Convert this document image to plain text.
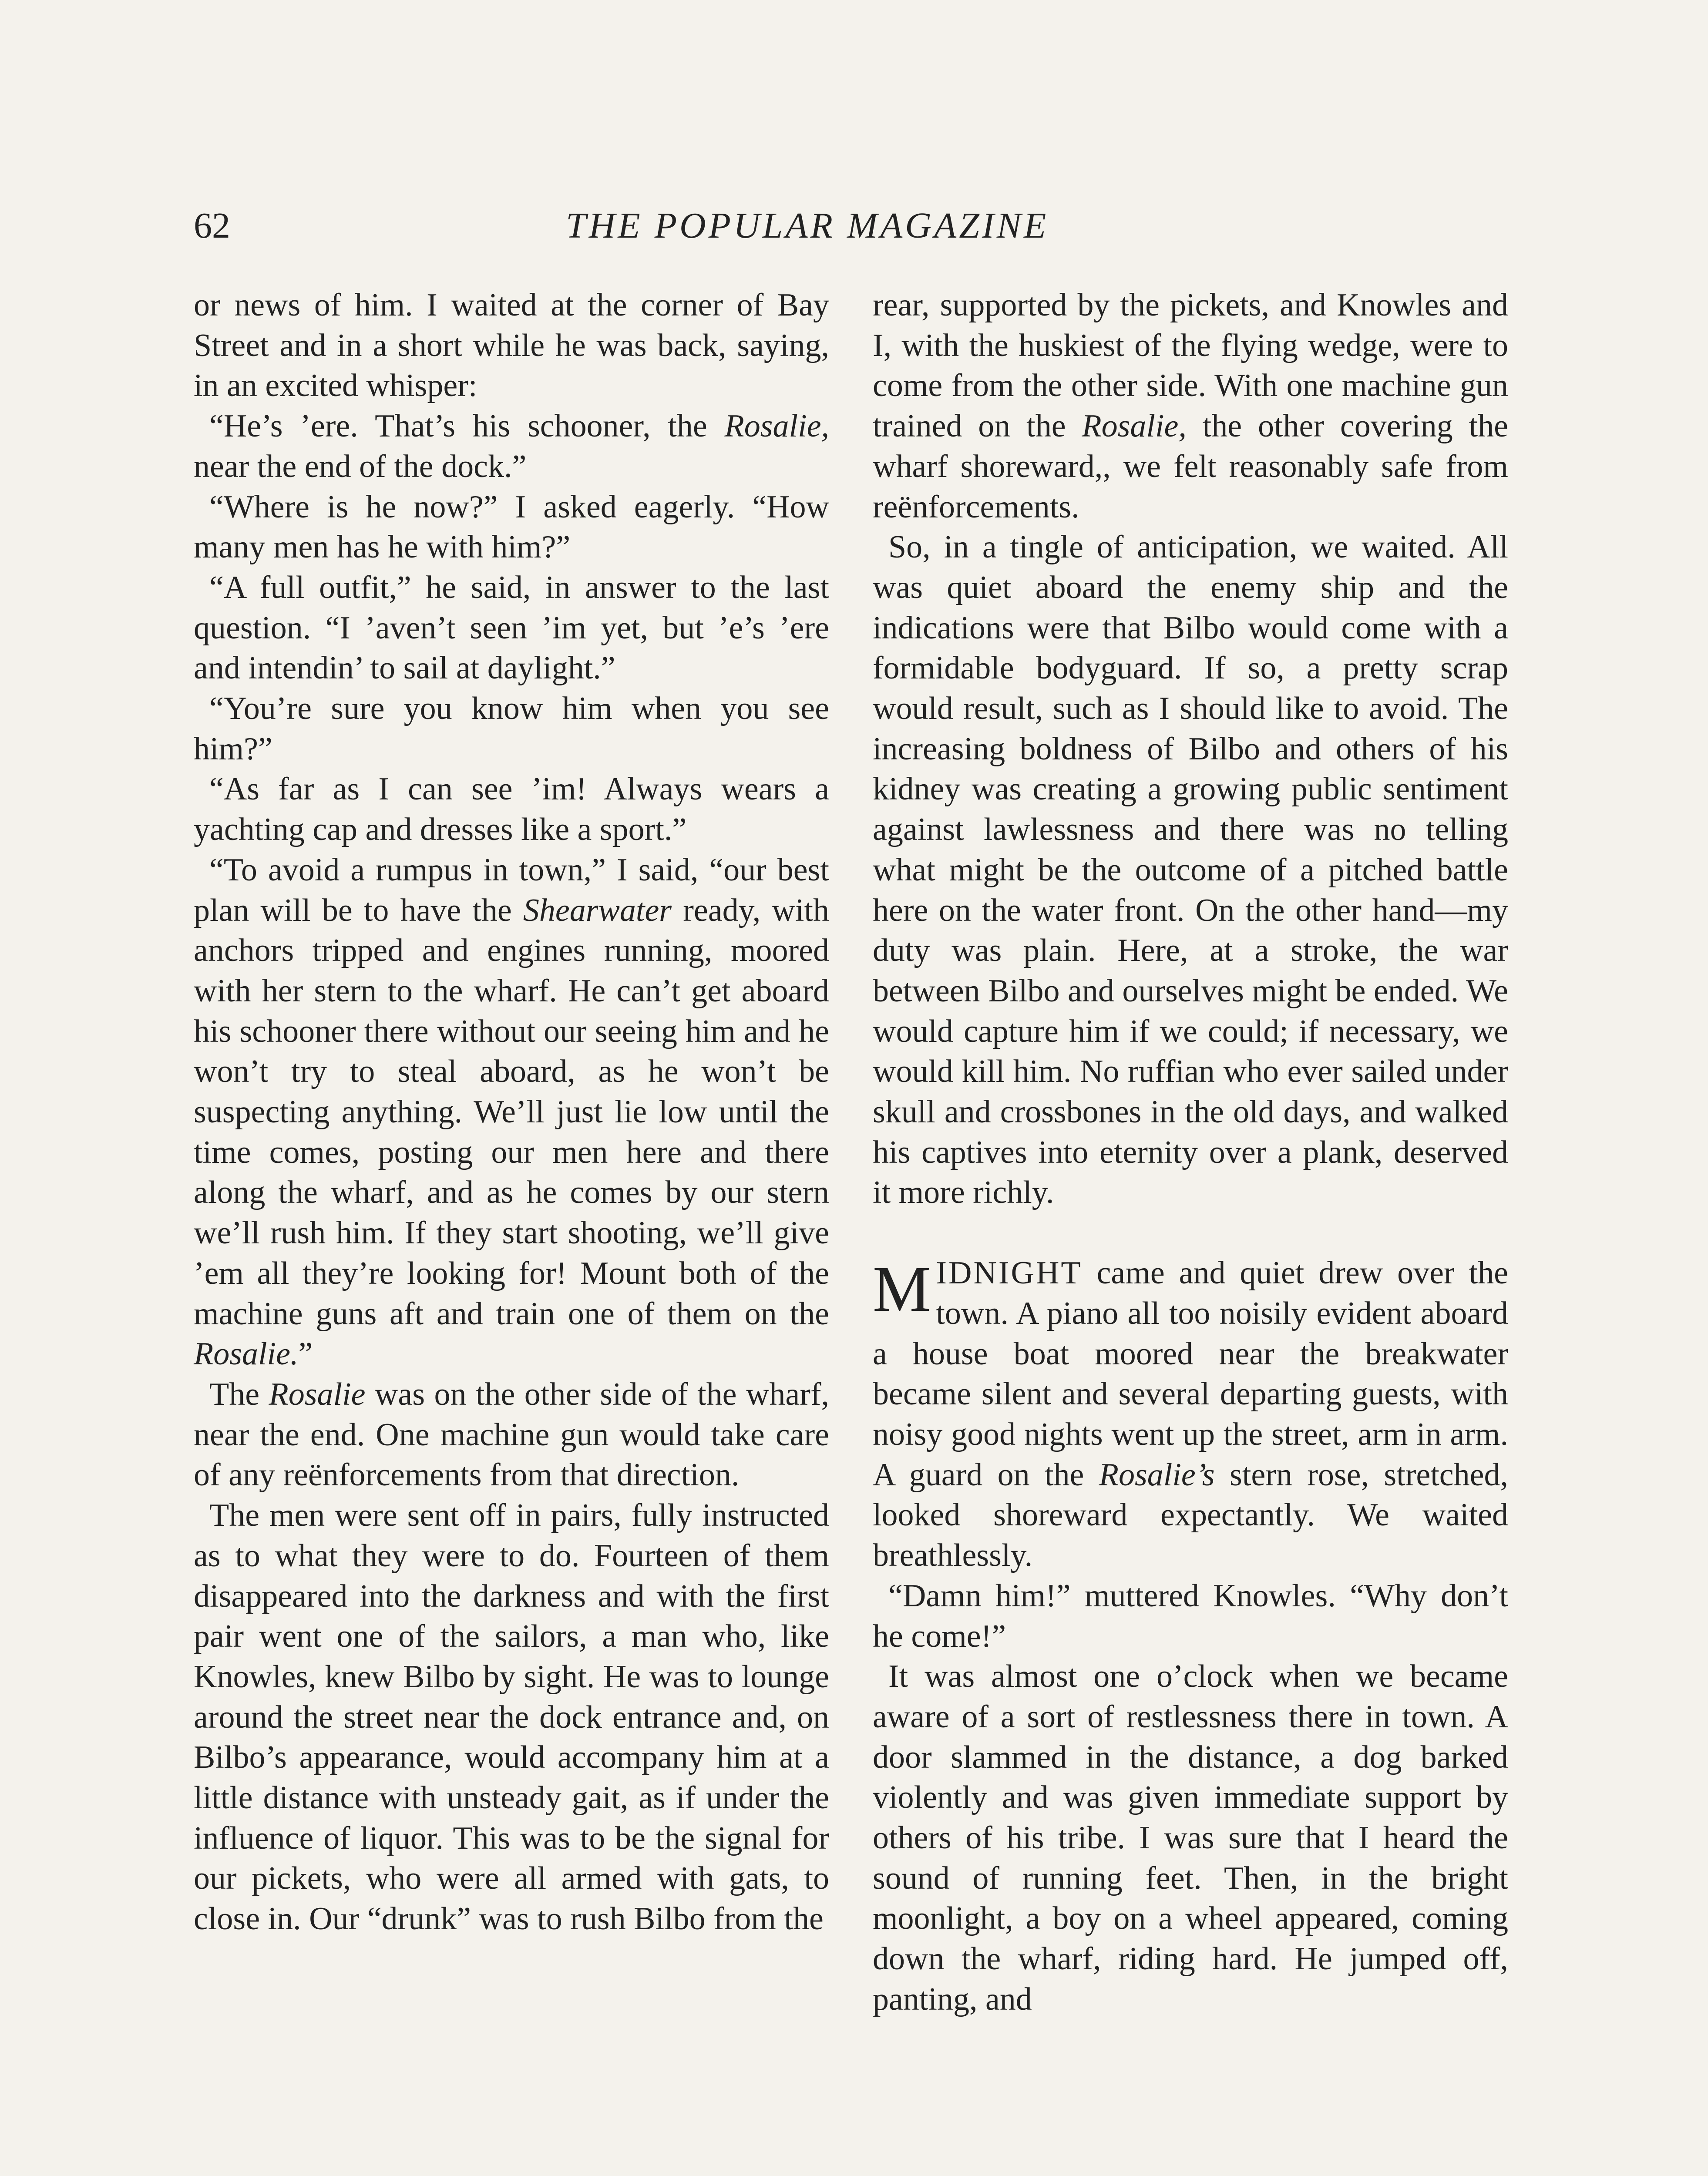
62	THE POPULAR MAGAZINE

or news of him. I waited at the corner of Bay Street and in a short while he was back, saying, in an excited whisper:

“He’s ’ere. That’s his schooner, the Rosalie, near the end of the dock.”

“Where is he now?” I asked eagerly. “How many men has he with him?”

“A full outfit,” he said, in answer to the last question. “I ’aven’t seen ’im yet, but ’e’s ’ere and intendin’ to sail at daylight.”

“You’re sure you know him when you see him?”

“As far as I can see ’im! Always wears a yachting cap and dresses like a sport.”

“To avoid a rumpus in town,” I said, “our best plan will be to have the Shearwater ready, with anchors tripped and engines running, moored with her stern to the wharf. He can’t get aboard his schooner there without our seeing him and he won’t try to steal aboard, as he won’t be suspecting anything. We’ll just lie low until the time comes, posting our men here and there along the wharf, and as he comes by our stern we’ll rush him. If they start shooting, we’ll give ’em all they’re looking for! Mount both of the machine guns aft and train one of them on the Rosalie.”

The Rosalie was on the other side of the wharf, near the end. One machine gun would take care of any reënforcements from that direction.

The men were sent off in pairs, fully instructed as to what they were to do. Fourteen of them disappeared into the darkness and with the first pair went one of the sailors, a man who, like Knowles, knew Bilbo by sight. He was to lounge around the street near the dock entrance and, on Bilbo’s appearance, would accompany him at a little distance with unsteady gait, as if under the influence of liquor. This was to be the signal for our pickets, who were all armed with gats, to close in. Our “drunk” was to rush Bilbo from the

rear, supported by the pickets, and Knowles and I, with the huskiest of the flying wedge, were to come from the other side. With one machine gun trained on the Rosalie, the other covering the wharf shoreward,, we felt reasonably safe from reënforcements.

So, in a tingle of anticipation, we waited. All was quiet aboard the enemy ship and the indications were that Bilbo would come with a formidable bodyguard. If so, a pretty scrap would result, such as I should like to avoid. The increasing boldness of Bilbo and others of his kidney was creating a growing public sentiment against lawlessness and there was no telling what might be the outcome of a pitched battle here on the water front. On the other hand—my duty was plain. Here, at a stroke, the war between Bilbo and ourselves might be ended. We would capture him if we could; if necessary, we would kill him. No ruffian who ever sailed under skull and crossbones in the old days, and walked his captives into eternity over a plank, deserved it more richly.

MIDNIGHT came and quiet drew over the town. A piano all too noisily evident aboard a house boat moored near the breakwater became silent and several departing guests, with noisy good nights went up the street, arm in arm. A guard on the Rosalie’s stern rose, stretched, looked shoreward expectantly. We waited breathlessly.

“Damn him!” muttered Knowles. “Why don’t he come!”

It was almost one o’clock when we became aware of a sort of restlessness there in town. A door slammed in the distance, a dog barked violently and was given immediate support by others of his tribe. I was sure that I heard the sound of running feet. Then, in the bright moonlight, a boy on a wheel appeared, coming down the wharf, riding hard. He jumped off, panting, and
